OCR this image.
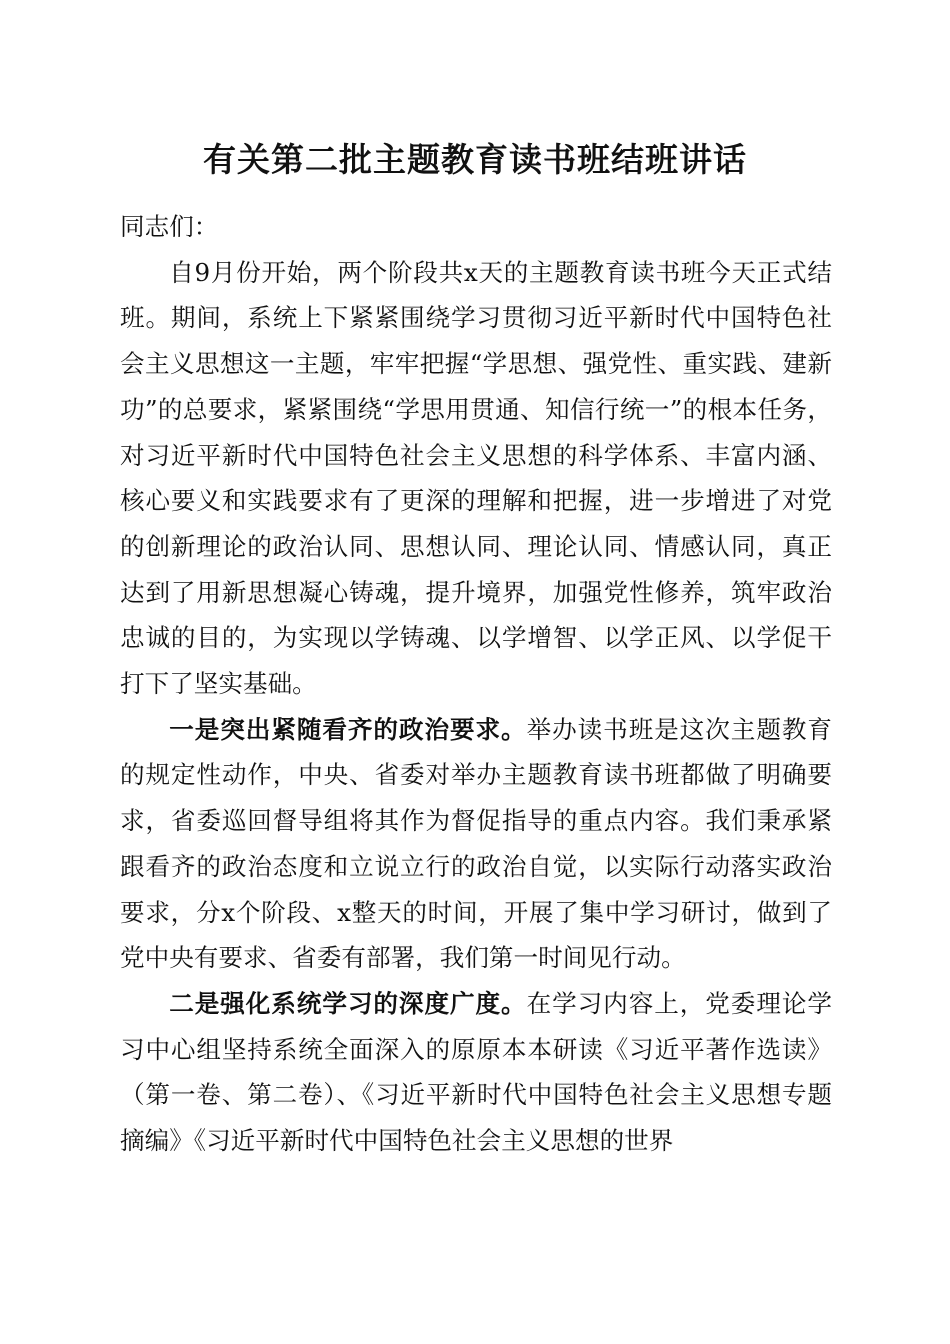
有关第二批主题教育读书班结班讲话

同志们：

自9月份开始，两个阶段共x天的主题教育读书班今天正式结班。期间，系统上下紧紧围绕学习贯彻习近平新时代中国特色社会主义思想这一主题，牢牢把握“学思想、强党性、重实践、建新功”的总要求，紧紧围绕“学思用贯通、知信行统一”的根本任务，对习近平新时代中国特色社会主义思想的科学体系、丰富内涵、核心要义和实践要求有了更深的理解和把握，进一步增进了对党的创新理论的政治认同、思想认同、理论认同、情感认同，真正达到了用新思想凝心铸魂，提升境界，加强党性修养，筑牢政治忠诚的目的，为实现以学铸魂、以学增智、以学正风、以学促干打下了坚实基础。

一是突出紧随看齐的政治要求。举办读书班是这次主题教育的规定性动作，中央、省委对举办主题教育读书班都做了明确要求，省委巡回督导组将其作为督促指导的重点内容。我们秉承紧跟看齐的政治态度和立说立行的政治自觉，以实际行动落实政治要求，分x个阶段、x整天的时间，开展了集中学习研讨，做到了党中央有要求、省委有部署，我们第一时间见行动。

二是强化系统学习的深度广度。在学习内容上，党委理论学习中心组坚持系统全面深入的原原本本研读《习近平著作选读》（第一卷、第二卷）、《习近平新时代中国特色社会主义思想专题摘编》《习近平新时代中国特色社会主义思想的世界
